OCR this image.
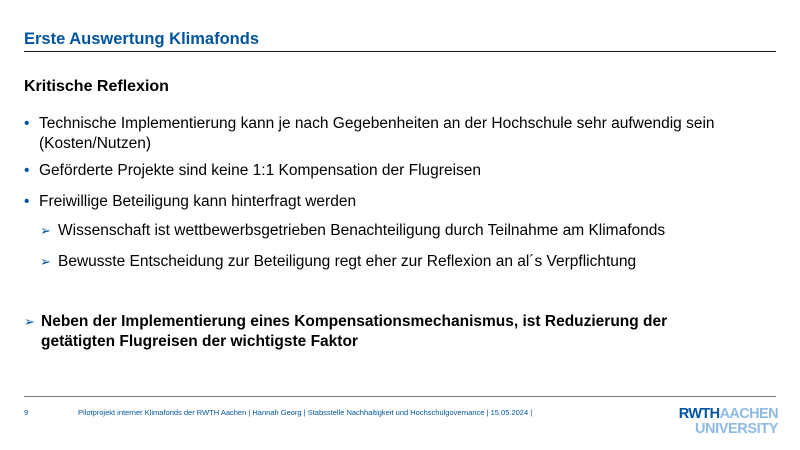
Erste Auswertung Klimafonds
Kritische Reflexion
• Technische Implementierung kann je nach Gegebenheiten an der Hochschule sehr aufwendig sein
(Kosten/Nutzen)
• Geförderte Projekte sind keine 1:1 Kompensation der Flugreisen
• Freiwillige Beteiligung kann hinterfragt werden
➢ Wissenschaft ist wettbewerbsgetrieben Benachteiligung durch Teilnahme am Klimafonds
➢ Bewusste Entscheidung zur Beteiligung regt eher zur Reflexion an al´s Verpflichtung
➢ Neben der Implementierung eines Kompensationsmechanismus, ist Reduzierung der
getätigten Flugreisen der wichtigste Faktor
9	Pilotprojekt interner Klimafonds der RWTH Aachen | Hannah Georg | Stabsstelle Nachhaltigkeit und Hochschulgovernance | 15.05.2024 |	RWTHAACHEN
UNIVERSITY
